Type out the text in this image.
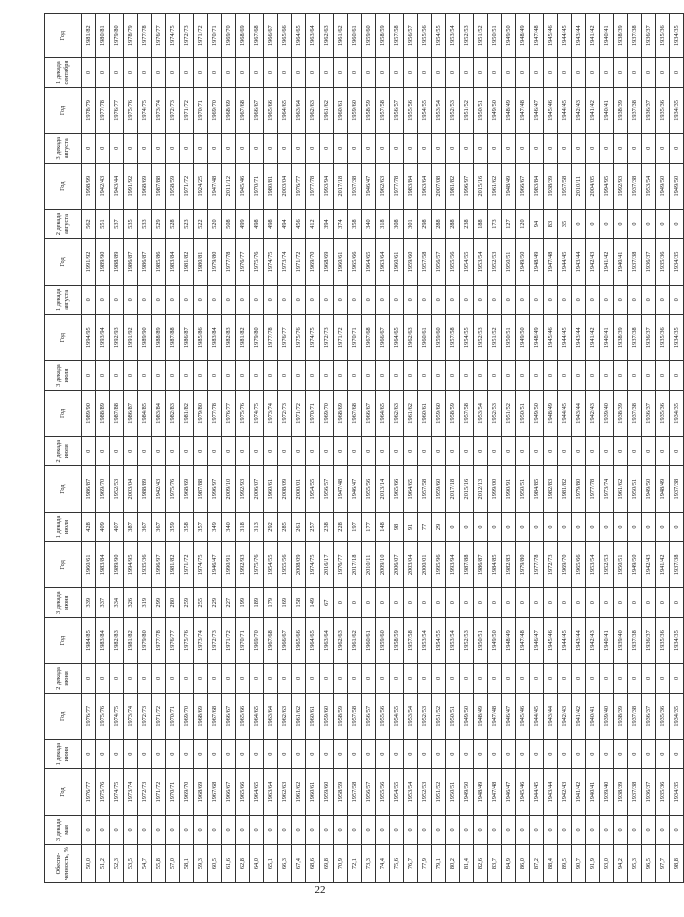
Обеспе-ченность, %	3 декада мая	Год	1 декада июня	Год	2 декада июня	Год	3 декада июня	Год	1 декада июля	Год	2 декада июля	Год	3 декада июля	Год	1 декада августа	Год	2 декада августа	Год	3 декада августа	Год	1 декада сентября	Год
50,0	0	1976/77	0	1976/77	0	1984/85	339	1960/61	428	1986/87	0	1989/90	0	1994/95	0	1991/92	562	1998/99	0	1978/79	0	1981/82
51,2	0	1975/76	0	1975/76	0	1983/84	337	1983/84	409	1969/70	0	1988/89	0	1993/94	0	1989/90	551	1942/43	0	1977/78	0	1980/81
52,3	0	1974/75	0	1974/75	0	1982/83	334	1989/90	407	1952/53	0	1987/88	0	1992/93	0	1988/89	537	1943/44	0	1976/77	0	1979/80
53,5	0	1973/74	0	1973/74	0	1981/82	326	1994/95	387	2003/04	0	1986/87	0	1991/92	0	1986/87	535	1991/92	0	1975/76	0	1978/79
54,7	0	1972/73	0	1972/73	0	1979/80	319	1935/36	367	1988/89	0	1984/85	0	1989/90	0	1986/87	533	1968/69	0	1974/75	0	1977/78
55,8	0	1971/72	0	1971/72	0	1977/78	299	1996/97	367	1942/43	0	1983/84	0	1988/89	0	1985/86	529	1987/88	0	1973/74	0	1976/77
57,0	0	1970/71	0	1970/71	0	1976/77	280	1981/82	359	1975/76	0	1982/83	0	1987/88	0	1983/84	528	1958/59	0	1972/73	0	1974/75
58,1	0	1969/70	0	1969/70	0	1975/76	259	1971/72	358	1968/69	0	1981/82	0	1986/87	0	1981/82	523	1971/72	0	1971/72	0	1972/73
59,3	0	1968/69	0	1968/69	0	1973/74	255	1974/75	357	1987/88	0	1979/80	0	1985/86	0	1980/81	522	1924/25	0	1970/71	0	1971/72
60,5	0	1967/68	0	1967/68	0	1972/73	229	1946/47	349	1996/97	0	1977/78	0	1983/84	0	1979/80	520	1947/48	0	1969/70	0	1970/71
61,6	0	1966/67	0	1966/67	0	1971/72	227	1990/91	340	2009/10	0	1976/77	0	1982/83	0	1977/78	508	2011/12	0	1968/69	0	1969/70
62,8	0	1965/66	0	1965/66	0	1970/71	199	1992/93	318	1992/93	0	1975/76	0	1981/82	0	1976/77	499	1945/46	0	1967/68	0	1968/69
64,0	0	1964/65	0	1964/65	0	1969/70	189	1975/76	313	2006/07	0	1974/75	0	1979/80	0	1975/76	498	1970/71	0	1966/67	0	1967/68
65,1	0	1963/64	0	1963/64	0	1967/68	179	1954/55	292	1960/61	0	1973/74	0	1977/78	0	1974/75	498	1980/81	0	1965/66	0	1966/67
66,3	0	1962/63	0	1962/63	0	1966/67	169	1955/56	285	2008/09	0	1972/73	0	1976/77	0	1973/74	494	2003/04	0	1964/65	0	1965/66
67,4	0	1961/62	0	1961/62	0	1965/66	158	2008/09	261	2000/01	0	1971/72	0	1975/76	0	1971/72	456	1976/77	0	1963/64	0	1964/65
68,6	0	1960/61	0	1960/61	0	1964/65	149	1974/75	257	1954/55	0	1970/71	0	1974/75	0	1969/70	412	1977/78	0	1962/63	0	1963/64
69,8	0	1959/60	0	1959/60	0	1963/64	67	2016/17	238	1956/57	0	1969/70	0	1972/73	0	1968/69	394	1993/94	0	1961/62	0	1962/63
70,9	0	1958/59	0	1958/59	0	1962/63	0	1976/77	228	1947/48	0	1968/69	0	1971/72	0	1960/61	374	2017/18	0	1960/61	0	1961/62
72,1	0	1957/58	0	1957/58	0	1961/62	0	2017/18	197	1946/47	0	1967/68	0	1970/71	0	1965/66	358	1937/38	0	1959/60	0	1960/61
73,3	0	1956/57	0	1956/57	0	1960/61	0	2010/11	177	1955/56	0	1966/67	0	1967/68	0	1964/65	340	1946/47	0	1958/59	0	1959/60
74,4	0	1955/56	0	1955/56	0	1959/60	0	2009/10	148	2013/14	0	1964/65	0	1966/67	0	1963/64	318	1962/63	0	1957/58	0	1958/59
75,6	0	1954/55	0	1954/55	0	1958/59	0	2006/07	98	1965/66	0	1962/63	0	1964/65	0	1960/61	308	1977/78	0	1956/57	0	1957/58
76,7	0	1953/54	0	1953/54	0	1957/58	0	2003/04	91	1964/65	0	1961/62	0	1962/63	0	1959/60	301	1983/84	0	1955/56	0	1956/57
77,9	0	1952/53	0	1952/53	0	1953/54	0	2000/01	77	1957/58	0	1960/61	0	1960/61	0	1957/58	298	1963/64	0	1954/55	0	1955/56
79,1	0	1951/52	0	1951/52	0	1954/55	0	1995/96	29	1959/60	0	1959/60	0	1959/60	0	1956/57	288	2007/08	0	1953/54	0	1954/55
80,2	0	1950/51	0	1950/51	0	1953/54	0	1993/94	0	2017/18	0	1958/59	0	1957/58	0	1955/56	288	1981/82	0	1952/53	0	1953/54
81,4	0	1949/50	0	1949/50	0	1952/53	0	1987/88	0	2015/16	0	1957/58	0	1954/55	0	1954/55	238	1996/97	0	1951/52	0	1952/53
82,6	0	1948/49	0	1948/49	0	1950/51	0	1986/87	0	2012/13	0	1953/54	0	1952/53	0	1953/54	188	2015/16	0	1950/51	0	1951/52
83,7	0	1947/48	0	1947/48	0	1949/50	0	1984/85	0	1999/00	0	1952/53	0	1951/52	0	1952/53	173	1961/62	0	1949/50	0	1950/51
84,9	0	1946/47	0	1946/47	0	1948/49	0	1982/83	0	1990/91	0	1951/52	0	1950/51	0	1950/51	127	1948/49	0	1948/49	0	1949/50
86,0	0	1945/46	0	1945/46	0	1947/48	0	1979/80	0	1950/51	0	1950/51	0	1949/50	0	1949/50	120	1966/67	0	1947/48	0	1948/49
87,2	0	1944/45	0	1944/45	0	1946/47	0	1977/78	0	1984/85	0	1949/50	0	1948/49	0	1948/49	94	1983/84	0	1946/47	0	1947/48
88,4	0	1943/44	0	1943/44	0	1945/46	0	1972/73	0	1982/83	0	1948/49	0	1945/46	0	1947/48	83	1938/39	0	1945/46	0	1945/46
89,5	0	1942/43	0	1942/43	0	1944/45	0	1969/70	0	1981/82	0	1944/45	0	1944/45	0	1944/45	35	1957/58	0	1944/45	0	1944/45
90,7	0	1941/42	0	1941/42	0	1943/44	0	1965/66	0	1979/80	0	1943/44	0	1943/44	0	1943/44	0	2010/11	0	1942/43	0	1943/44
91,9	0	1940/41	0	1940/41	0	1942/43	0	1953/54	0	1977/78	0	1942/43	0	1941/42	0	1942/43	0	2004/05	0	1941/42	0	1941/42
93,0	0	1939/40	0	1939/40	0	1940/41	0	1952/53	0	1973/74	0	1939/40	0	1940/41	0	1941/42	0	1994/95	0	1940/41	0	1940/41
94,2	0	1938/39	0	1938/39	0	1939/40	0	1950/51	0	1961/62	0	1938/39	0	1938/39	0	1940/41	0	1992/93	0	1938/39	0	1938/39
95,3	0	1937/38	0	1937/38	0	1937/38	0	1949/50	0	1950/51	0	1937/38	0	1937/38	0	1937/38	0	1937/38	0	1937/38	0	1937/38
96,5	0	1936/37	0	1936/37	0	1936/37	0	1942/43	0	1949/50	0	1936/37	0	1936/37	0	1936/37	0	1953/54	0	1936/37	0	1936/37
97,7	0	1935/36	0	1935/36	0	1935/36	0	1941/42	0	1948/49	0	1935/36	0	1935/36	0	1935/36	0	1949/50	0	1935/36	0	1935/36
98,8	0	1934/35	0	1934/35	0	1934/35	0	1937/38	0	1937/38	0	1934/35	0	1934/35	0	1934/35	0	1949/50	0	1934/35	0	1934/35
22
